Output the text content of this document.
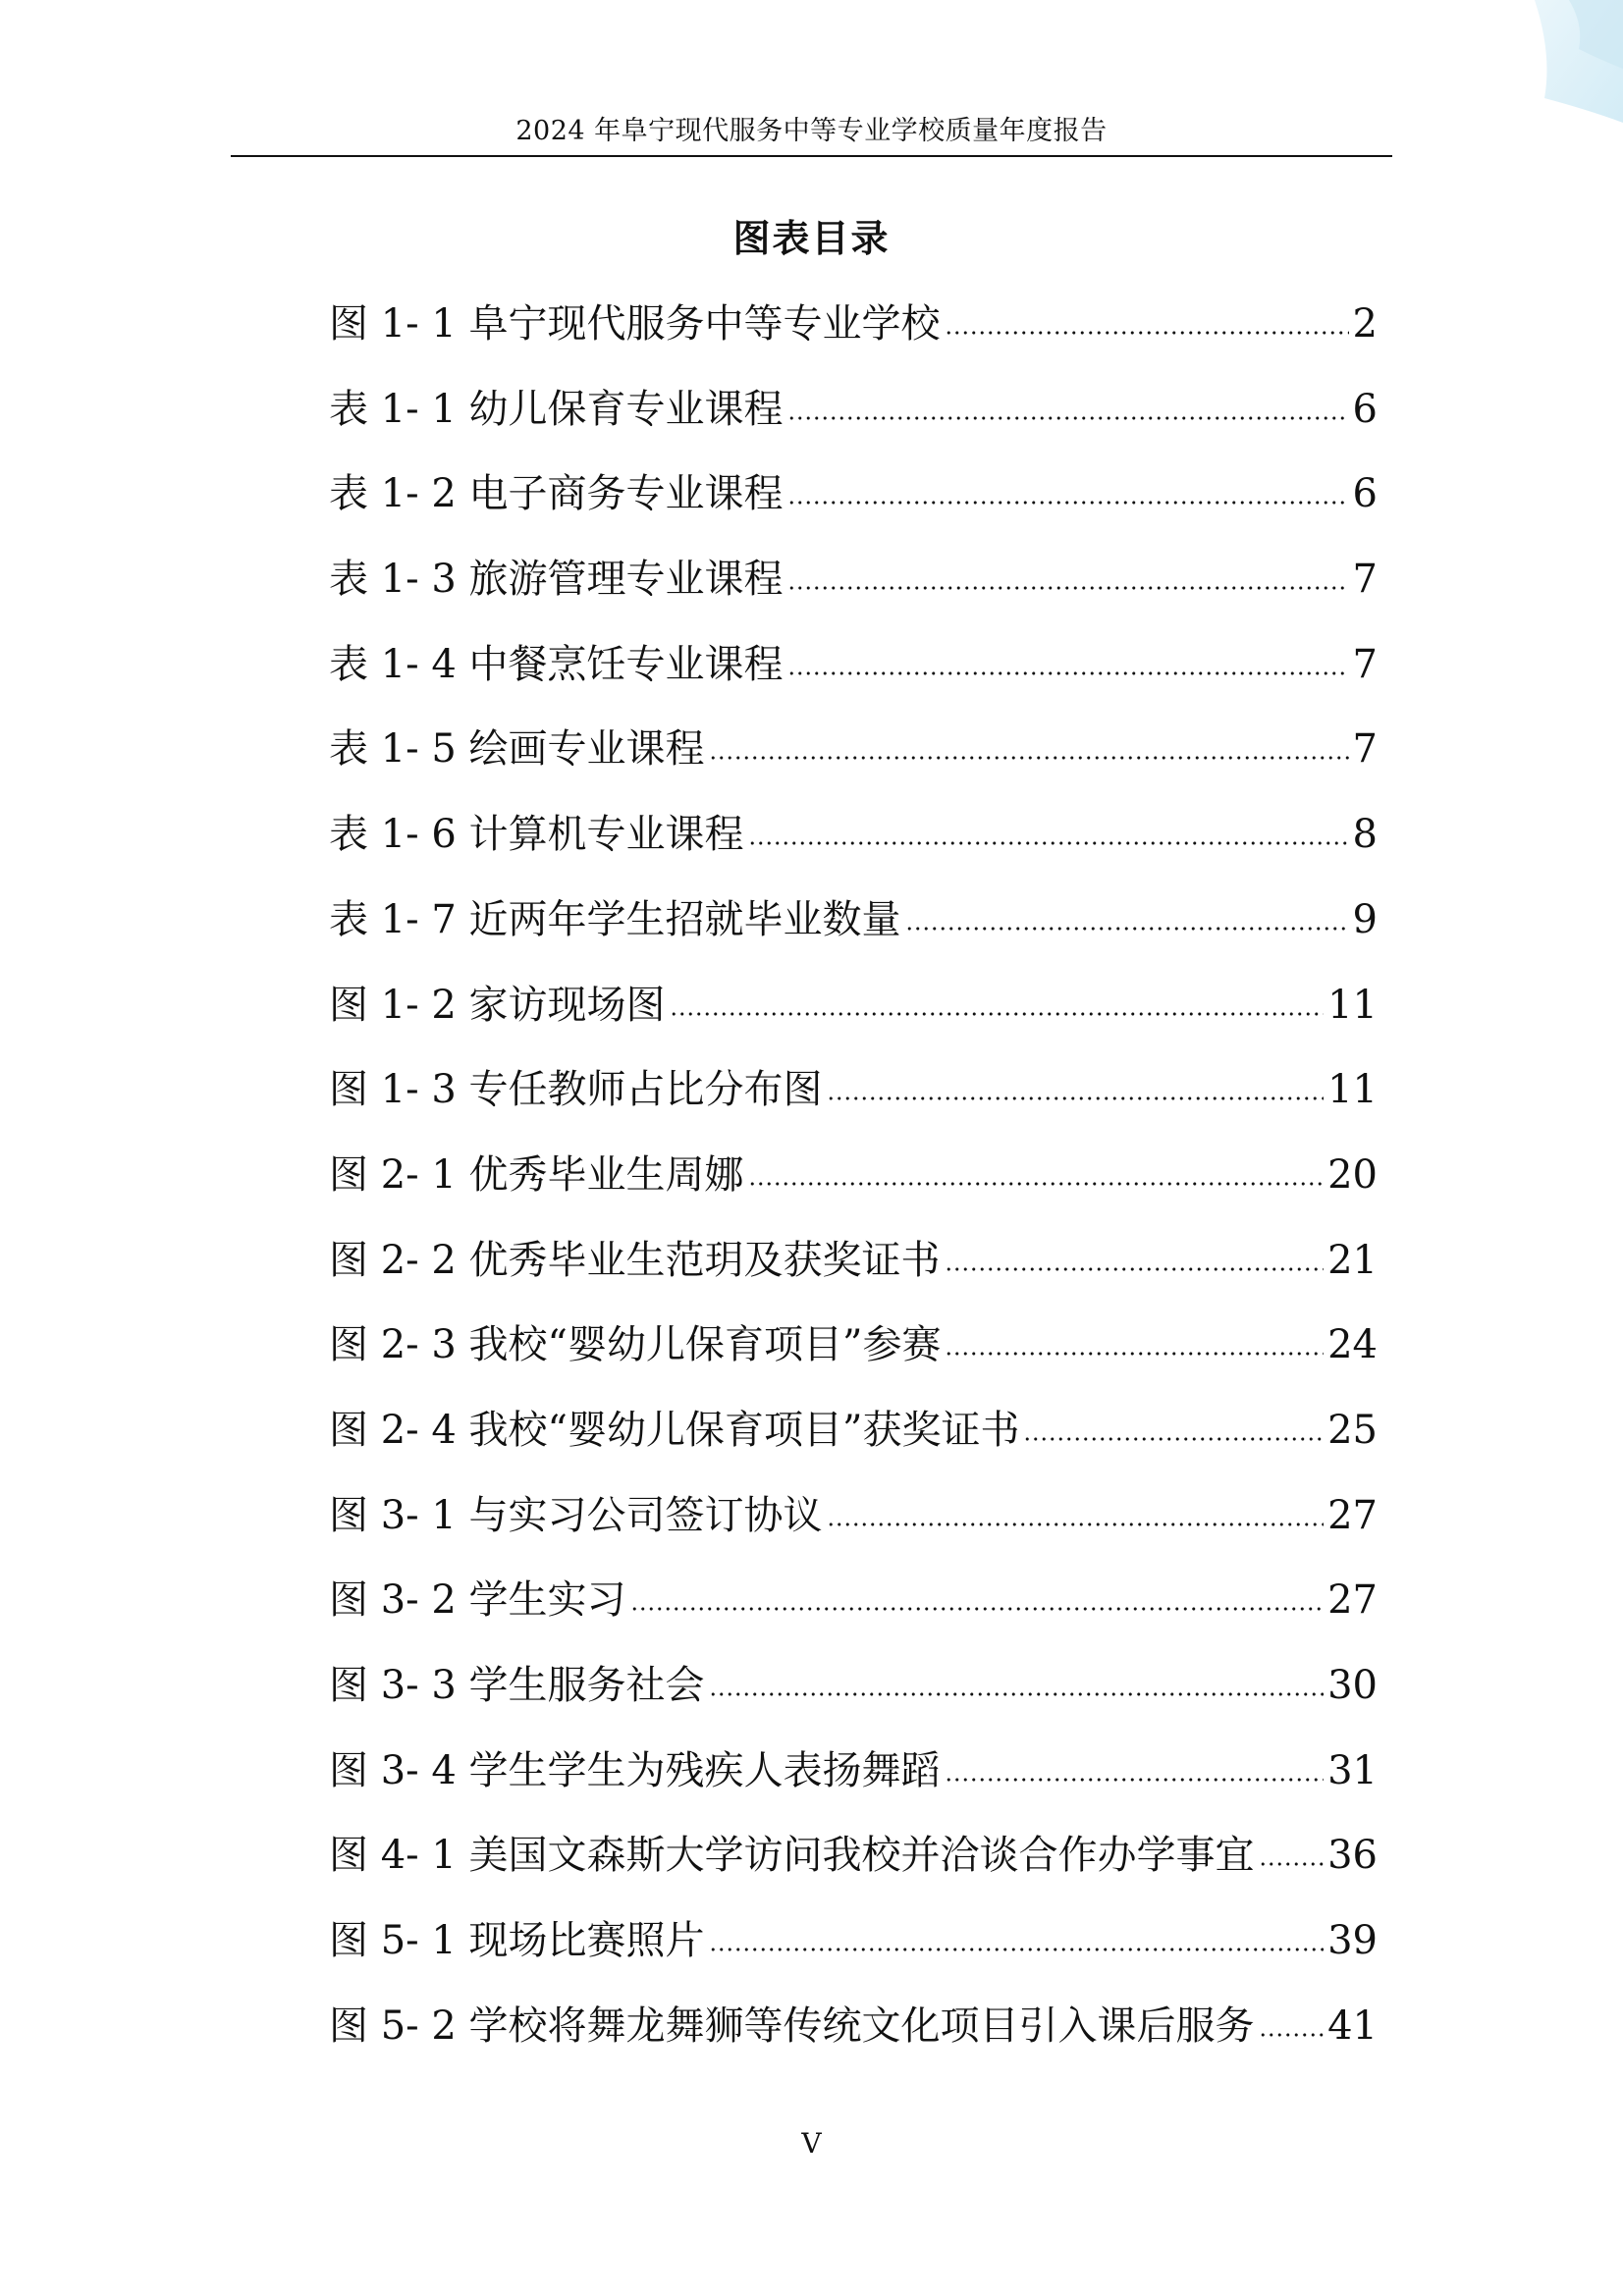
2024 年阜宁现代服务中等专业学校质量年度报告
图表目录
图 1- 1 阜宁现代服务中等专业学校	2
表 1- 1 幼儿保育专业课程	6
表 1- 2 电子商务专业课程	6
表 1- 3 旅游管理专业课程	7
表 1- 4 中餐烹饪专业课程	7
表 1- 5 绘画专业课程	7
表 1- 6 计算机专业课程	8
表 1- 7 近两年学生招就毕业数量	9
图 1- 2 家访现场图	11
图 1- 3 专任教师占比分布图	11
图 2- 1 优秀毕业生周娜	20
图 2- 2 优秀毕业生范玥及获奖证书	21
图 2- 3 我校“婴幼儿保育项目”参赛	24
图 2- 4 我校“婴幼儿保育项目”获奖证书	25
图 3- 1 与实习公司签订协议	27
图 3- 2 学生实习	27
图 3- 3 学生服务社会	30
图 3- 4 学生学生为残疾人表扬舞蹈	31
图 4- 1 美国文森斯大学访问我校并洽谈合作办学事宜 36
图 5- 1 现场比赛照片	39
图 5- 2 学校将舞龙舞狮等传统文化项目引入课后服务 41
V
